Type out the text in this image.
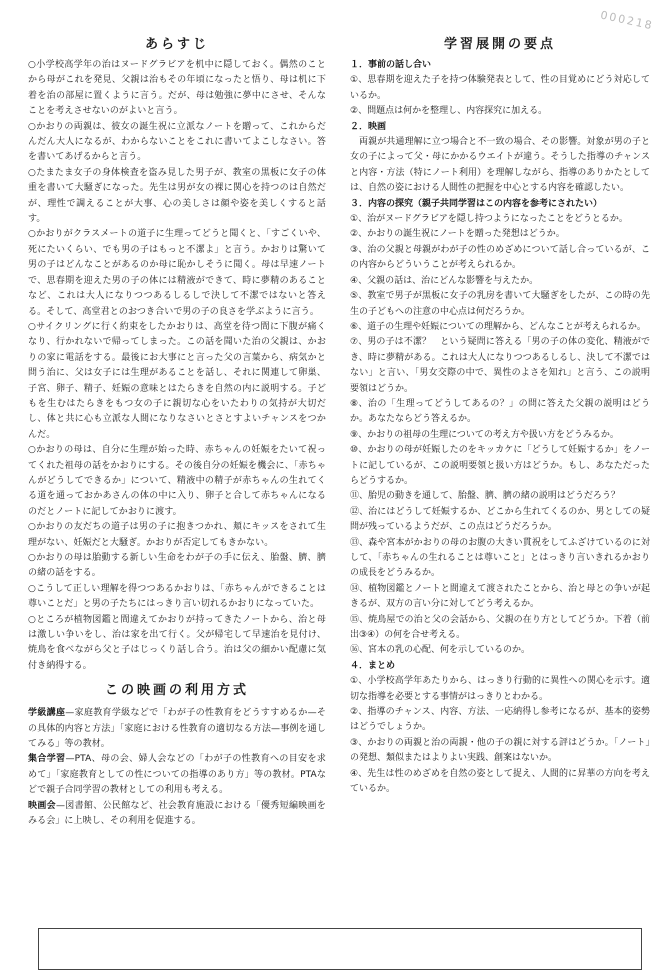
000218
あらすじ

○小学校高学年の治はヌードグラビアを机中に隠しておく。偶然のことから母がこれを発見、父親は治もその年頃になったと悟り、母は机に下着を治の部屋に置くように言う。だが、母は勉強に夢中にさせ、そんなことを考えさせないのがよいと言う。

○かおりの両親は、彼女の誕生祝に立派なノートを贈って、これからだんだん大人になるが、わからないことをこれに書いてよこしなさい。答を書いてあげるからと言う。

○たまたま女子の身体検査を盗み見した男子が、教室の黒板に女子の体重を書いて大騒ぎになった。先生は男が女の裸に関心を持つのは自然だが、理性で調えることが大事、心の美しさは顔や姿を美しくすると話す。

○かおりがクラスメートの道子に生理ってどうと聞くと、「すごくいや、死にたいくらい、でも男の子はもっと不潔よ」と言う。かおりは驚いて男の子はどんなことがあるのか母に恥かしそうに聞く。母は早速ノートで、思春期を迎えた男の子の体には精液ができて、時に夢精のあることなど、これは大人になりつつあるしるしで決して不潔ではないと答える。そして、高堂君とのおつき合いで男の子の良さを学ぶように言う。

○サイクリングに行く約束をしたかおりは、高堂を待つ間に下腹が痛くなり、行かれないで帰ってしまった。この話を聞いた治の父親は、かおりの家に電話をする。最後にお大事にと言った父の言葉から、病気かと問う治に、父は女子には生理があることを話し、それに関連して卵巣、子宮、卵子、精子、妊娠の意味とはたらきを自然の内に説明する。子どもを生むはたらきをもつ女の子に親切な心をいたわりの気持が大切だし、体と共に心も立派な人間になりなさいとさとすよいチャンスをつかんだ。

○かおりの母は、自分に生理が始った時、赤ちゃんの妊娠をたいて祝ってくれた祖母の話をかおりにする。その後自分の妊娠を機会に、「赤ちゃんがどうしてできるか」について、精液中の精子が赤ちゃんの生れてくる道を通っておかあさんの体の中に入り、卵子と合して赤ちゃんになるのだとノートに記してかおりに渡す。

○かおりの友だちの道子は男の子に抱きつかれ、頬にキッスをされて生理がない、妊娠だと大騒ぎ。かおりが否定してもきかない。

○かおりの母は胎動する新しい生命をわが子の手に伝え、胎盤、臍、臍の緒の話をする。

○こうして正しい理解を得つつあるかおりは、「赤ちゃんができることは尊いことだ」と男の子たちにはっきり言い切れるかおりになっていた。

○ところが植物図鑑と間違えてかおりが持ってきたノートから、治と母は激しい争いをし、治は家を出て行く。父が帰宅して早速治を見付け、焼鳥を食べながら父と子はじっくり話し合う。治は父の細かい配慮に気付き納得する。

この映画の利用方式

学級講座—家庭教育学級などで「わが子の性教育をどうすすめるか—その具体的内容と方法」「家庭における性教育の適切なる方法—事例を通してみる」等の教材。

集合学習—PTA、母の会、婦人会などの「わが子の性教育への目安を求めて」「家庭教育としての性についての指導のあり方」等の教材。PTAなどで親子合同学習の教材としての利用も考える。

映画会—図書館、公民館など、社会教育施設における「優秀短編映画をみる会」に上映し、その利用を促進する。

学習展開の要点

１．事前の話し合い

①、思春期を迎えた子を持つ体験発表として、性の目覚めにどう対応しているか。

②、問題点は何かを整理し、内容探究に加える。

２．映画

両親が共通理解に立つ場合と不一致の場合、その影響。対象が男の子と女の子によって父・母にかかるウエイトが違う。そうした指導のチャンスと内容・方法（特にノート利用）を理解しながら、指導のありかたとしては、自然の姿における人間性の把握を中心とする内容を確認したい。

３．内容の探究（親子共同学習はこの内容を参考にされたい）

①、治がヌードグラビアを隠し持つようになったことをどうとるか。

②、かおりの誕生祝にノートを贈った発想はどうか。

③、治の父親と母親がわが子の性のめざめについて話し合っているが、この内容からどういうことが考えられるか。

④、父親の話は、治にどんな影響を与えたか。

⑤、教室で男子が黒板に女子の乳房を書いて大騒ぎをしたが、この時の先生の子どもへの注意の中心点は何だろうか。

⑥、道子の生理や妊娠についての理解から、どんなことが考えられるか。

⑦、男の子は不潔？　という疑問に答える「男の子の体の変化、精液ができ、時に夢精がある。これは大人になりつつあるしるし、決して不潔ではない」と言い、「男女交際の中で、異性のよさを知れ」と言う、この説明要領はどうか。

⑧、治の「生理ってどうしてあるの？」の問に答えた父親の説明はどうか。あなたならどう答えるか。

⑨、かおりの祖母の生理についての考え方や扱い方をどうみるか。

⑩、かおりの母が妊娠したのをキッカケに「どうして妊娠するか」をノートに記しているが、この説明要領と扱い方はどうか。もし、あなただったらどうするか。

⑪、胎児の動きを通して、胎盤、臍、臍の緒の説明はどうだろう？

⑫、治にはどうして妊娠するか、どこから生れてくるのか、男としての疑問が残っているようだが、この点はどうだろうか。

⑬、森や宮本がかおりの母のお腹の大きい貫祝をしてふざけているのに対して、「赤ちゃんの生れることは尊いこと」とはっきり言いきれるかおりの成長をどうみるか。

⑭、植物図鑑とノートと間違えて渡されたことから、治と母との争いが起きるが、双方の言い分に対してどう考えるか。

⑮、焼鳥屋での治と父の会話から、父親の在り方としてどうか。下着（前出③④）の何を合せ考える。

⑯、宮本の乳の心配、何を示しているのか。

４．まとめ

①、小学校高学年あたりから、はっきり行動的に異性への関心を示す。適切な指導を必要とする事情がはっきりとわかる。

②、指導のチャンス、内容、方法、一応納得し参考になるが、基本的姿勢はどうでしょうか。

③、かおりの両親と治の両親・他の子の親に対する評はどうか。「ノート」の発想、類似またはよりよい実践、創案はないか。

④、先生は性のめざめを自然の姿として捉え、人間的に昇華の方向を考えているか。
